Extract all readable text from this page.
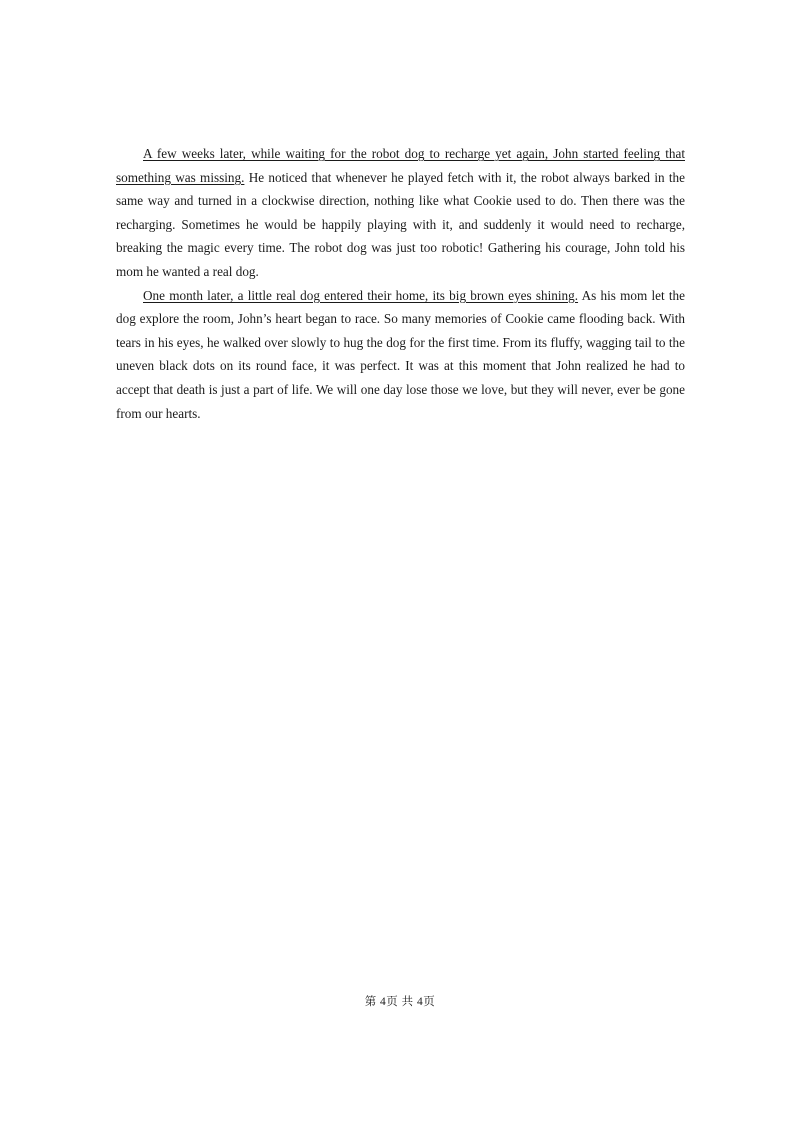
A few weeks later, while waiting for the robot dog to recharge yet again, John started feeling that something was missing. He noticed that whenever he played fetch with it, the robot always barked in the same way and turned in a clockwise direction, nothing like what Cookie used to do. Then there was the recharging. Sometimes he would be happily playing with it, and suddenly it would need to recharge, breaking the magic every time. The robot dog was just too robotic! Gathering his courage, John told his mom he wanted a real dog.

One month later, a little real dog entered their home, its big brown eyes shining. As his mom let the dog explore the room, John’s heart began to race. So many memories of Cookie came flooding back. With tears in his eyes, he walked over slowly to hug the dog for the first time. From its fluffy, wagging tail to the uneven black dots on its round face, it was perfect. It was at this moment that John realized he had to accept that death is just a part of life. We will one day lose those we love, but they will never, ever be gone from our hearts.

第 4页 共 4页
